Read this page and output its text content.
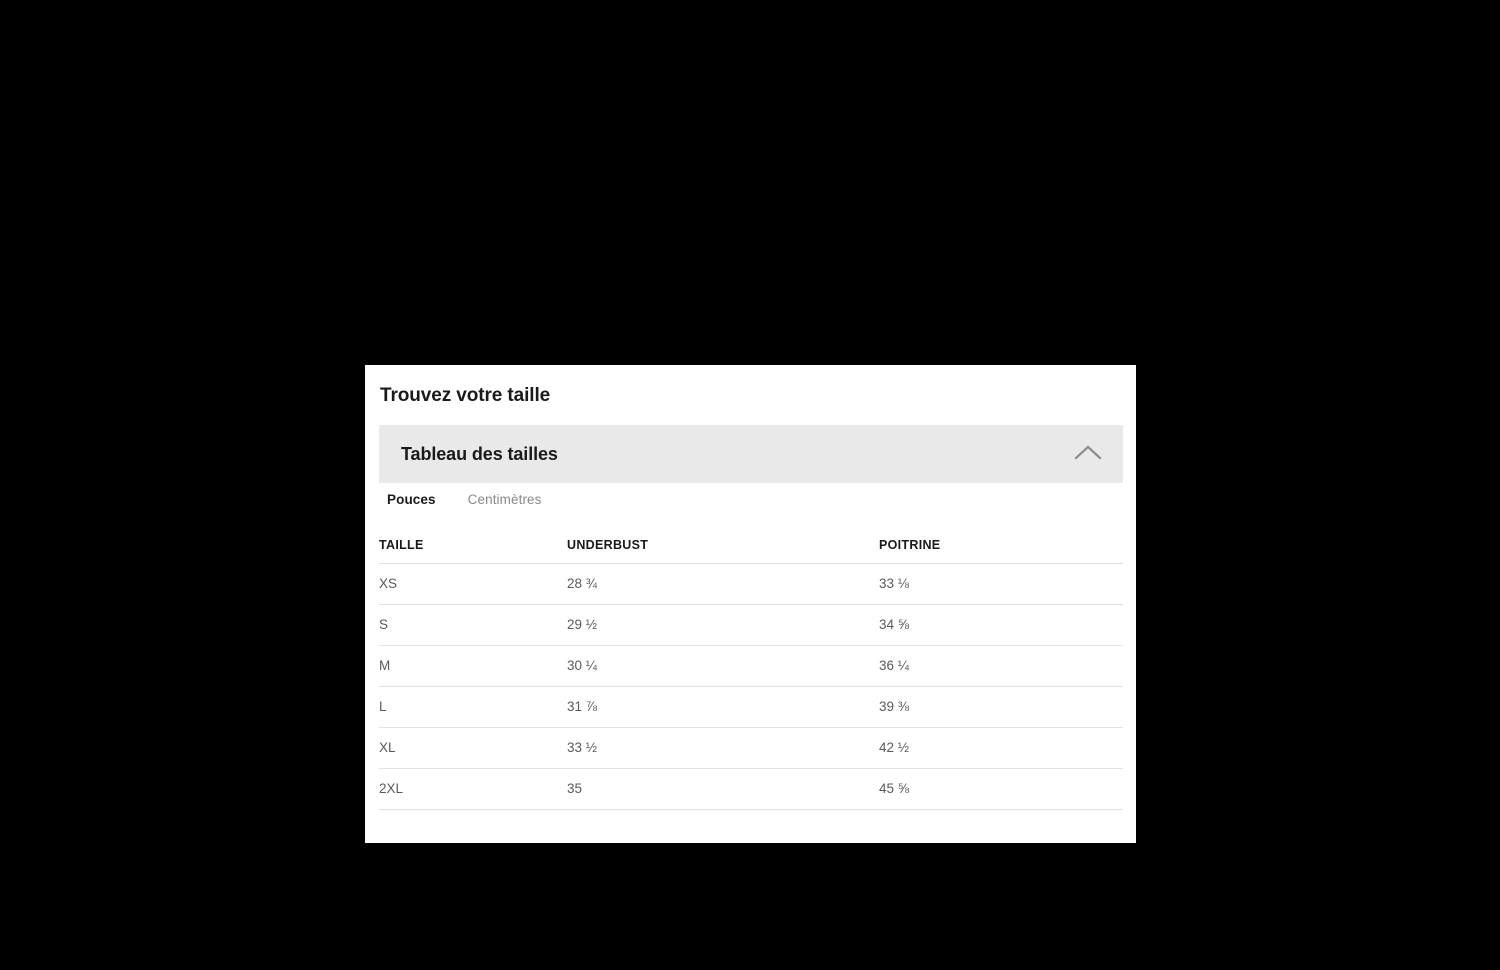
Trouvez votre taille
Tableau des tailles
Pouces Centimètres
TAILLE	UNDERBUST	POITRINE
XS	28 ¾	33 ⅛
S	29 ½	34 ⅝
M	30 ¼	36 ¼
L	31 ⅞	39 ⅜
XL	33 ½	42 ½
2XL	35	45 ⅝
